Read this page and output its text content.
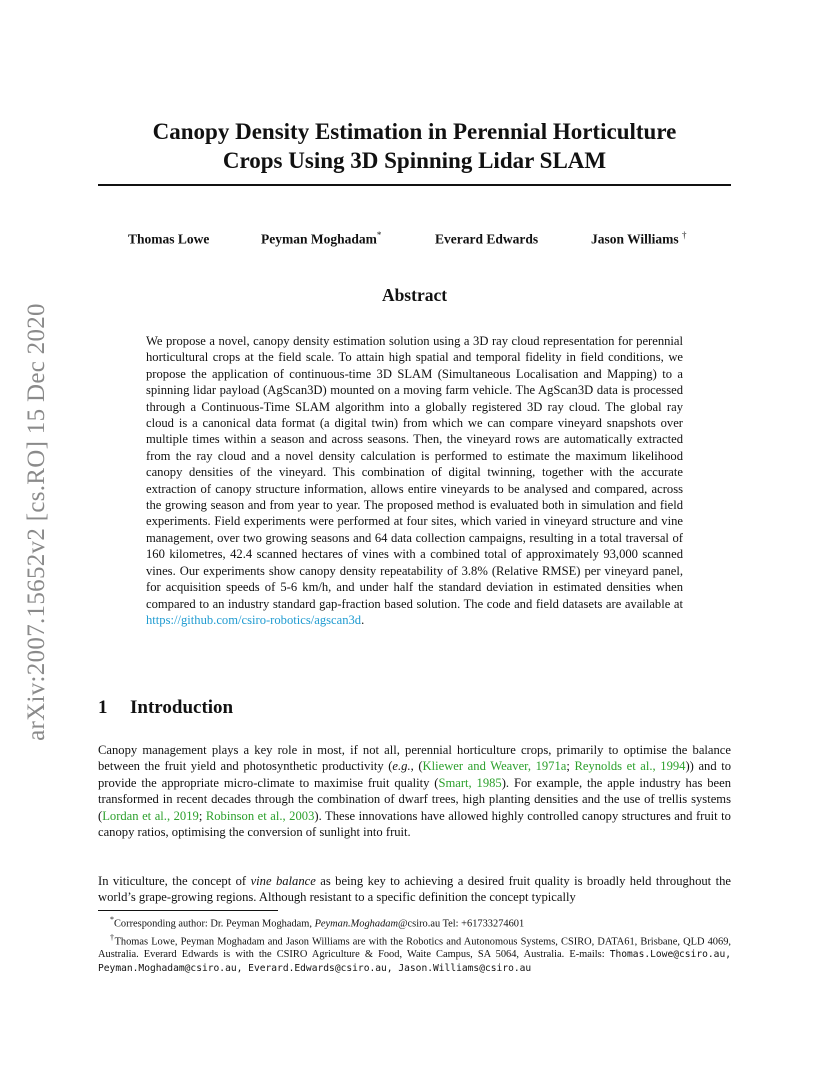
arXiv:2007.15652v2 [cs.RO] 15 Dec 2020
Canopy Density Estimation in Perennial Horticulture
Crops Using 3D Spinning Lidar SLAM
Thomas Lowe	Peyman Moghadam*	Everard Edwards	Jason Williams †
Abstract

We propose a novel, canopy density estimation solution using a 3D ray cloud representation for perennial horticultural crops at the field scale. To attain high spatial and temporal fidelity in field conditions, we propose the application of continuous-time 3D SLAM (Simultaneous Localisation and Mapping) to a spinning lidar payload (AgScan3D) mounted on a moving farm vehicle. The AgScan3D data is processed through a Continuous-Time SLAM algorithm into a globally registered 3D ray cloud. The global ray cloud is a canonical data format (a digital twin) from which we can compare vineyard snapshots over multiple times within a season and across seasons. Then, the vineyard rows are automatically extracted from the ray cloud and a novel density calculation is performed to estimate the maximum likelihood canopy densities of the vineyard. This combination of digital twinning, together with the accurate extraction of canopy structure information, allows entire vineyards to be analysed and compared, across the growing season and from year to year. The proposed method is evaluated both in simulation and field experiments. Field experiments were performed at four sites, which varied in vineyard structure and vine management, over two growing seasons and 64 data collection campaigns, resulting in a total traversal of 160 kilometres, 42.4 scanned hectares of vines with a combined total of approximately 93,000 scanned vines. Our experiments show canopy density repeatability of 3.8% (Relative RMSE) per vineyard panel, for acquisition speeds of 5-6 km/h, and under half the standard deviation in estimated densities when compared to an industry standard gap-fraction based solution. The code and field datasets are available at https://github.com/csiro-robotics/agscan3d.

1 Introduction

Canopy management plays a key role in most, if not all, perennial horticulture crops, primarily to optimise the balance between the fruit yield and photosynthetic productivity (e.g., (Kliewer and Weaver, 1971a; Reynolds et al., 1994)) and to provide the appropriate micro-climate to maximise fruit quality (Smart, 1985). For example, the apple industry has been transformed in recent decades through the combination of dwarf trees, high planting densities and the use of trellis systems (Lordan et al., 2019; Robinson et al., 2003). These innovations have allowed highly controlled canopy structures and fruit to canopy ratios, optimising the conversion of sunlight into fruit.

In viticulture, the concept of vine balance as being key to achieving a desired fruit quality is broadly held throughout the world’s grape-growing regions. Although resistant to a specific definition the concept typically

*Corresponding author: Dr. Peyman Moghadam, Peyman.Moghadam@csiro.au Tel: +61733274601

†Thomas Lowe, Peyman Moghadam and Jason Williams are with the Robotics and Autonomous Systems, CSIRO, DATA61, Brisbane, QLD 4069, Australia. Everard Edwards is with the CSIRO Agriculture & Food, Waite Campus, SA 5064, Australia. E-mails: Thomas.Lowe@csiro.au, Peyman.Moghadam@csiro.au, Everard.Edwards@csiro.au, Jason.Williams@csiro.au
